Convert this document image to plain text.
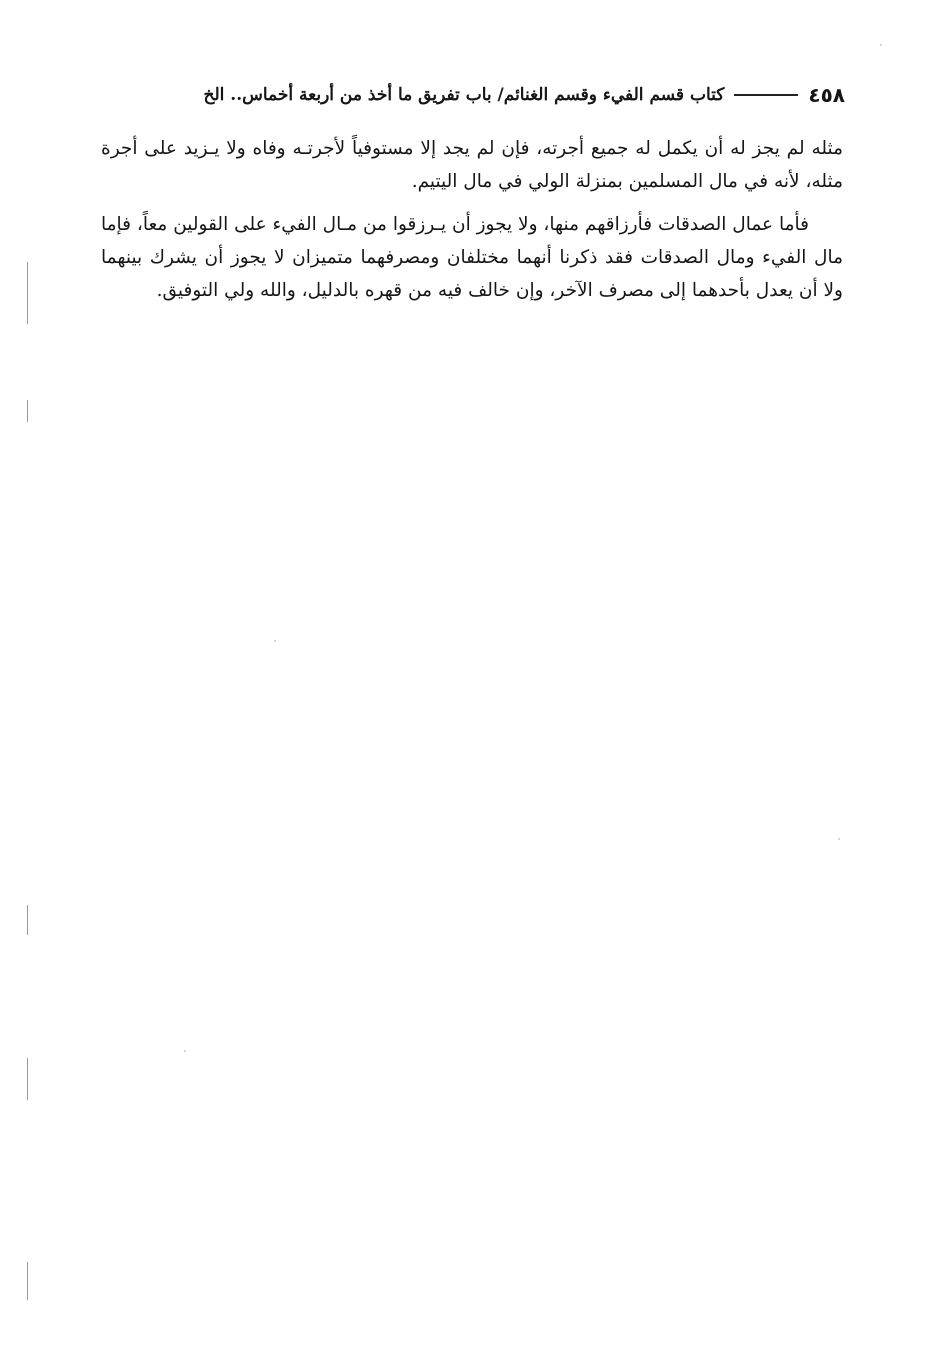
٤٥٨
كتاب قسم الفيء وقسم الغنائم/ باب تفريق ما أخذ من أربعة أخماس.. الخ

مثله لم يجز له أن يكمل له جميع أجرته، فإن لم يجد إلا مستوفياً لأجرتـه وفاه ولا يـزيد على أجرة مثله، لأنه في مال المسلمين بمنزلة الولي في مال اليتيم.

فأما عمال الصدقات فأرزاقهم منها، ولا يجوز أن يـرزقوا من مـال الفيء على القولين معاً، فإما مال الفيء ومال الصدقات فقد ذكرنا أنهما مختلفان ومصرفهما متميزان لا يجوز أن يشرك بينهما ولا أن يعدل بأحدهما إلى مصرف الآخر، وإن خالف فيه من قهره بالدليل، والله ولي التوفيق.
